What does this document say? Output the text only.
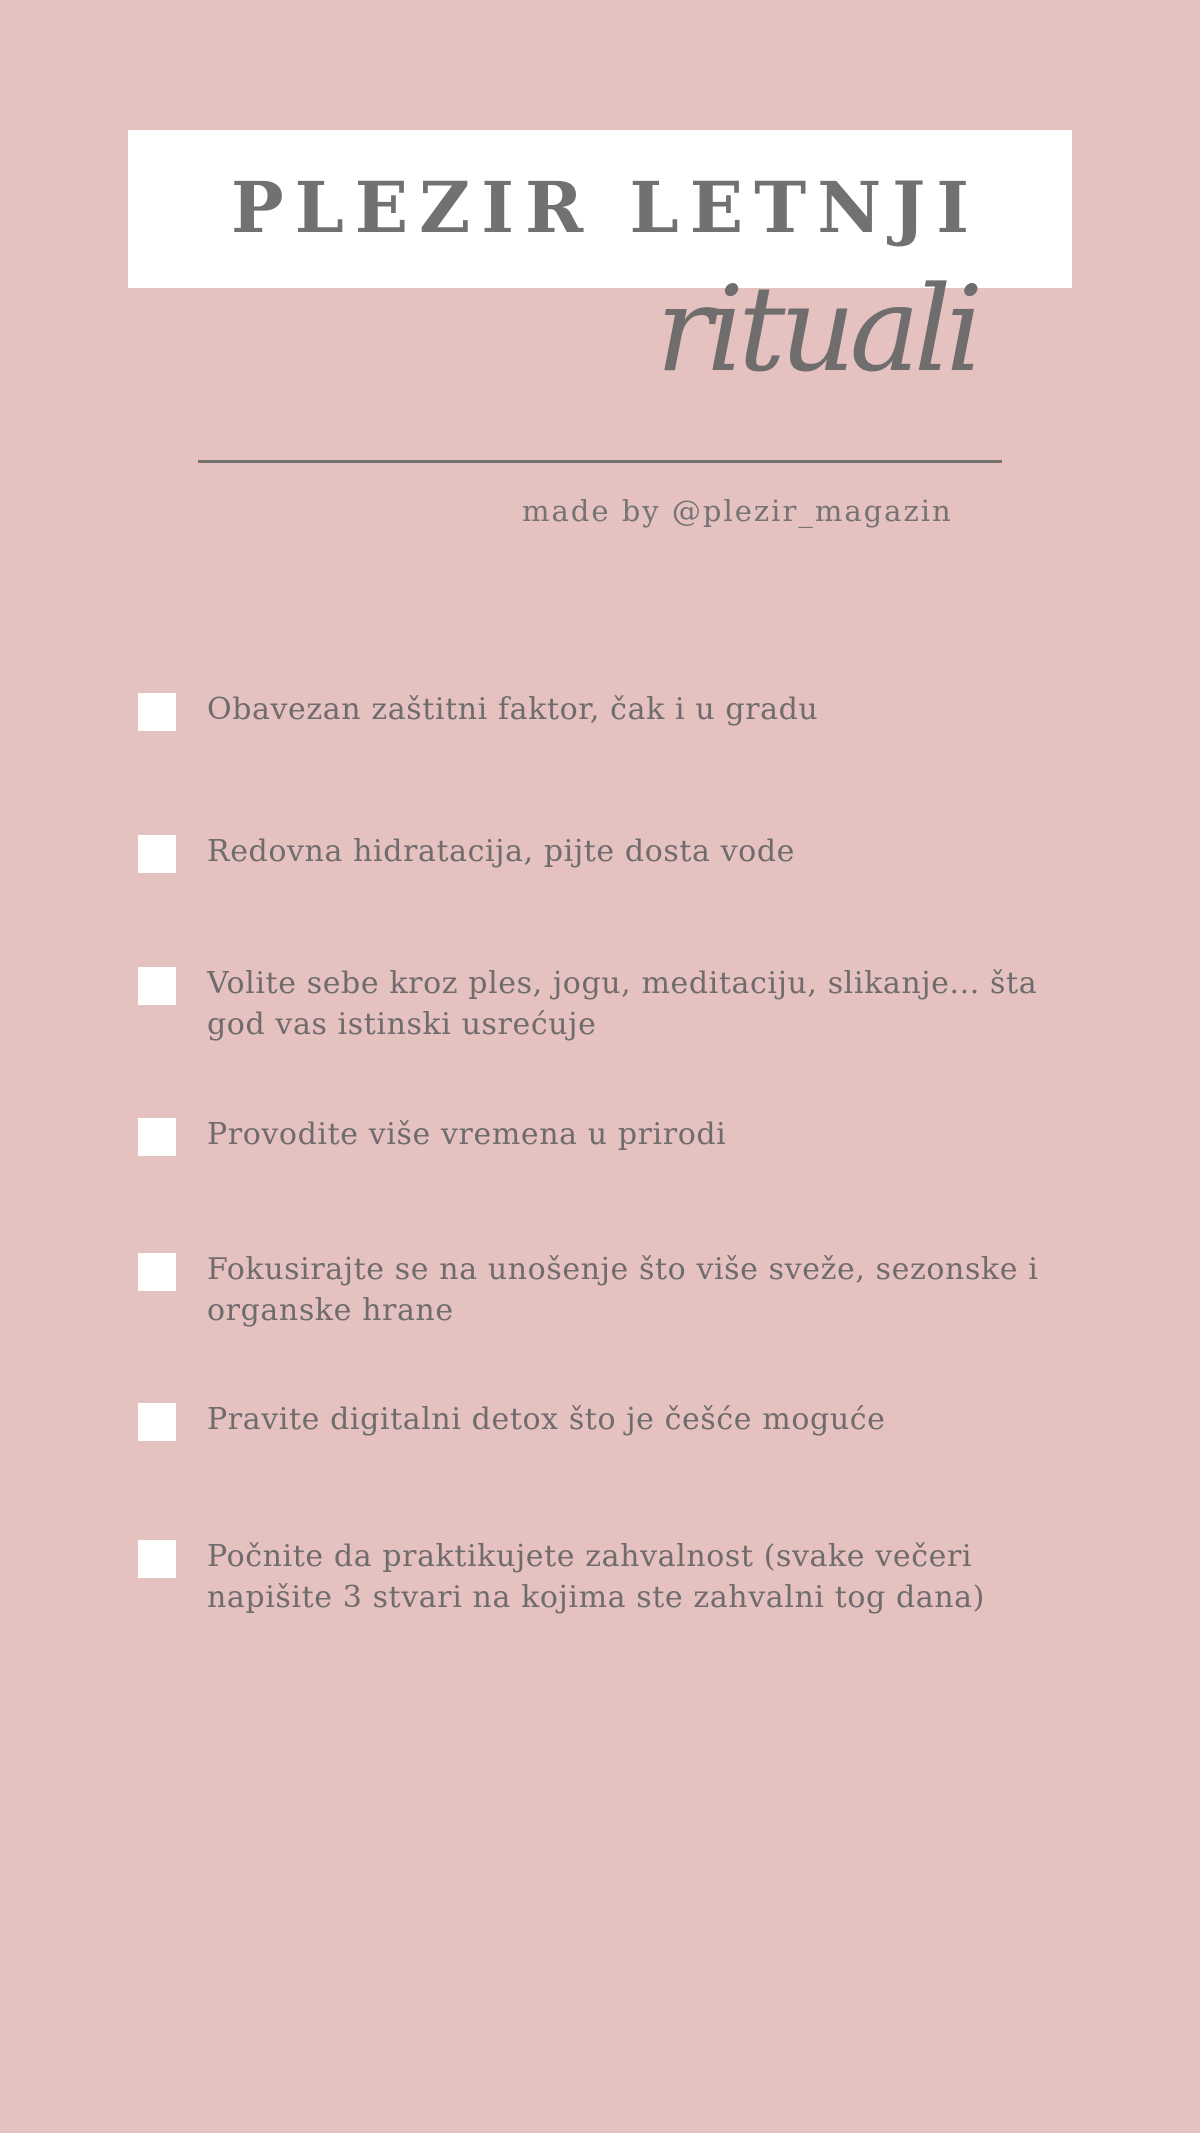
PLEZIR LETNJI
rituali
made by @plezir_magazin
Obavezan zaštitni faktor, čak i u gradu
Redovna hidratacija, pijte dosta vode
Volite sebe kroz ples, jogu, meditaciju, slikanje... šta god vas istinski usrećuje
Provodite više vremena u prirodi
Fokusirajte se na unošenje što više sveže, sezonske i organske hrane
Pravite digitalni detox što je češće moguće
Počnite da praktikujete zahvalnost (svake večeri napišite 3 stvari na kojima ste zahvalni tog dana)
